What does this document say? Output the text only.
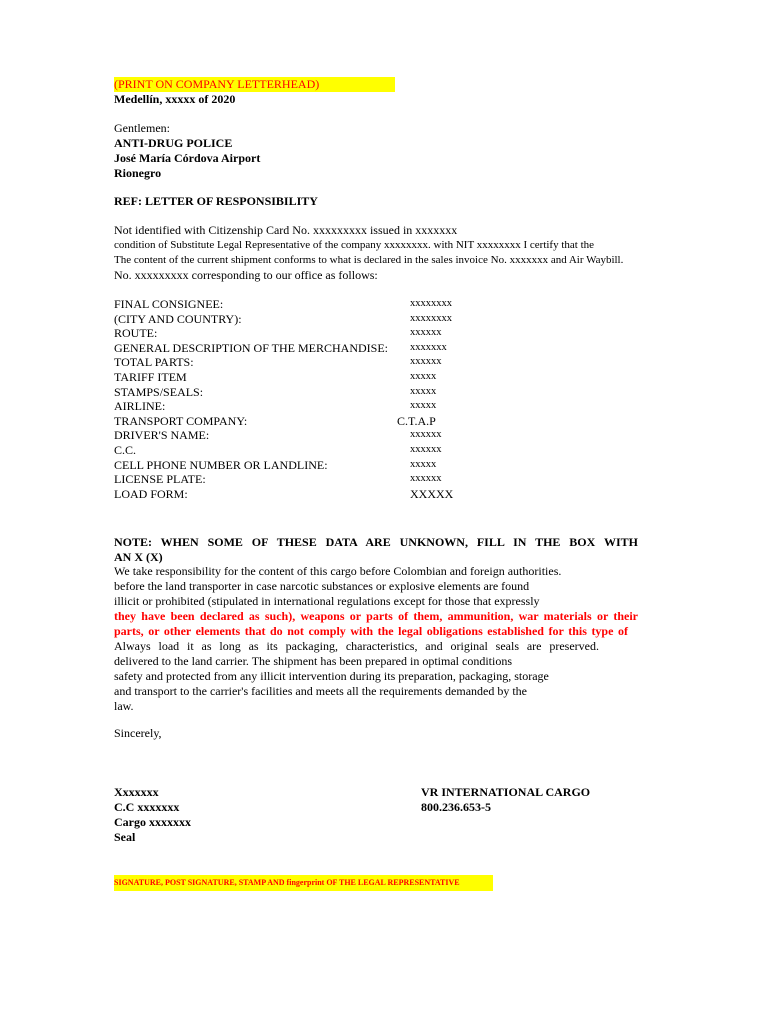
(PRINT ON COMPANY LETTERHEAD)
Medellín, xxxxx of 2020
Gentlemen:
ANTI-DRUG POLICE
José María Córdova Airport
Rionegro
REF: LETTER OF RESPONSIBILITY
Not identified with Citizenship Card No. xxxxxxxxx issued in xxxxxxx
condition of Substitute Legal Representative of the company xxxxxxxx. with NIT xxxxxxxx I certify that the
The content of the current shipment conforms to what is declared in the sales invoice No. xxxxxxx and Air Waybill.
No. xxxxxxxxx corresponding to our office as follows:
FINAL CONSIGNEE:	xxxxxxxx
(CITY AND COUNTRY):	xxxxxxxx
ROUTE:	xxxxxx
GENERAL DESCRIPTION OF THE MERCHANDISE: xxxxxxx
TOTAL PARTS:	xxxxxx
TARIFF ITEM	xxxxx
STAMPS/SEALS:	xxxxx
AIRLINE:	xxxxx
TRANSPORT COMPANY:	C.T.A.P
DRIVER'S NAME:	xxxxxx
C.C.	xxxxxx
CELL PHONE NUMBER OR LANDLINE:	xxxxx
LICENSE PLATE:	xxxxxx
LOAD FORM:	XXXXX
NOTE: WHEN SOME OF THESE DATA ARE UNKNOWN, FILL IN THE BOX WITH
AN X (X)
We take responsibility for the content of this cargo before Colombian and foreign authorities.
before the land transporter in case narcotic substances or explosive elements are found
illicit or prohibited (stipulated in international regulations except for those that expressly
they have been declared as such), weapons or parts of them, ammunition, war materials or their
parts, or other elements that do not comply with the legal obligations established for this type of
Always load it as long as its packaging, characteristics, and original seals are preserved.
delivered to the land carrier. The shipment has been prepared in optimal conditions
safety and protected from any illicit intervention during its preparation, packaging, storage
and transport to the carrier's facilities and meets all the requirements demanded by the
law.
Sincerely,
Xxxxxxx
C.C xxxxxxx
Cargo xxxxxxx
Seal
VR INTERNATIONAL CARGO
800.236.653-5
SIGNATURE, POST SIGNATURE, STAMP AND fingerprint OF THE LEGAL REPRESENTATIVE
